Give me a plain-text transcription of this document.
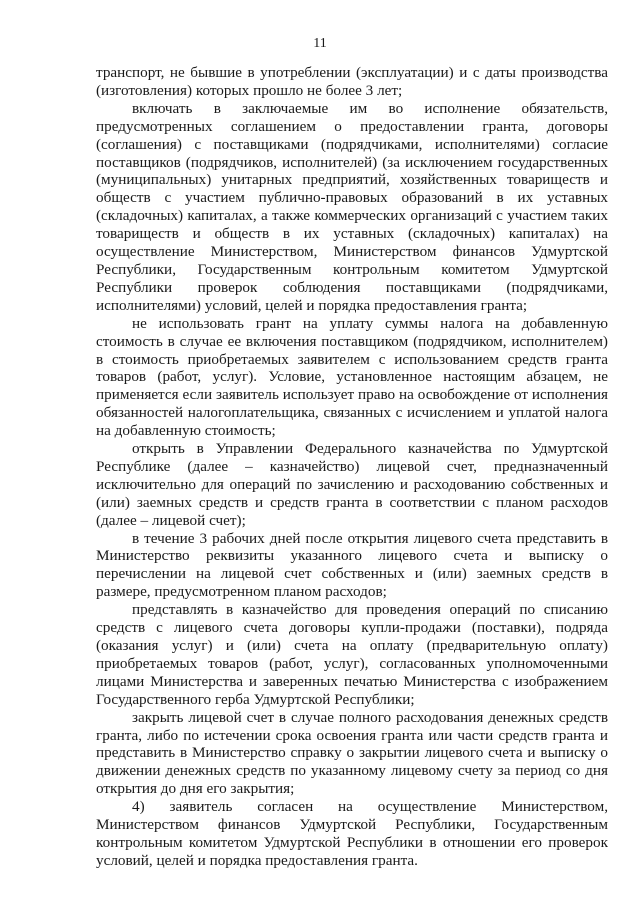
11

транспорт, не бывшие в употреблении (эксплуатации) и с даты производства (изготовления) которых прошло не более 3 лет;

включать в заключаемые им во исполнение обязательств, предусмотренных соглашением о предоставлении гранта, договоры (соглашения) с поставщиками (подрядчиками, исполнителями) согласие поставщиков (подрядчиков, исполнителей) (за исключением государственных (муниципальных) унитарных предприятий, хозяйственных товариществ и обществ с участием публично-правовых образований в их уставных (складочных) капиталах, а также коммерческих организаций с участием таких товариществ и обществ в их уставных (складочных) капиталах) на осуществление Министерством, Министерством финансов Удмуртской Республики, Государственным контрольным комитетом Удмуртской Республики проверок соблюдения поставщиками (подрядчиками, исполнителями) условий, целей и порядка предоставления гранта;

не использовать грант на уплату суммы налога на добавленную стоимость в случае ее включения поставщиком (подрядчиком, исполнителем) в стоимость приобретаемых заявителем с использованием средств гранта товаров (работ, услуг). Условие, установленное настоящим абзацем, не применяется если заявитель использует право на освобождение от исполнения обязанностей налогоплательщика, связанных с исчислением и уплатой налога на добавленную стоимость;

открыть в Управлении Федерального казначейства по Удмуртской Республике (далее – казначейство) лицевой счет, предназначенный исключительно для операций по зачислению и расходованию собственных и (или) заемных средств и средств гранта в соответствии с планом расходов (далее – лицевой счет);

в течение 3 рабочих дней после открытия лицевого счета представить в Министерство реквизиты указанного лицевого счета и выписку о перечислении на лицевой счет собственных и (или) заемных средств в размере, предусмотренном планом расходов;

представлять в казначейство для проведения операций по списанию средств с лицевого счета договоры купли-продажи (поставки), подряда (оказания услуг) и (или) счета на оплату (предварительную оплату) приобретаемых товаров (работ, услуг), согласованных уполномоченными лицами Министерства и заверенных печатью Министерства с изображением Государственного герба Удмуртской Республики;

закрыть лицевой счет в случае полного расходования денежных средств гранта, либо по истечении срока освоения гранта или части средств гранта и представить в Министерство справку о закрытии лицевого счета и выписку о движении денежных средств по указанному лицевому счету за период со дня открытия до дня его закрытия;

4) заявитель согласен на осуществление Министерством, Министерством финансов Удмуртской Республики, Государственным контрольным комитетом Удмуртской Республики в отношении его проверок условий, целей и порядка предоставления гранта.
